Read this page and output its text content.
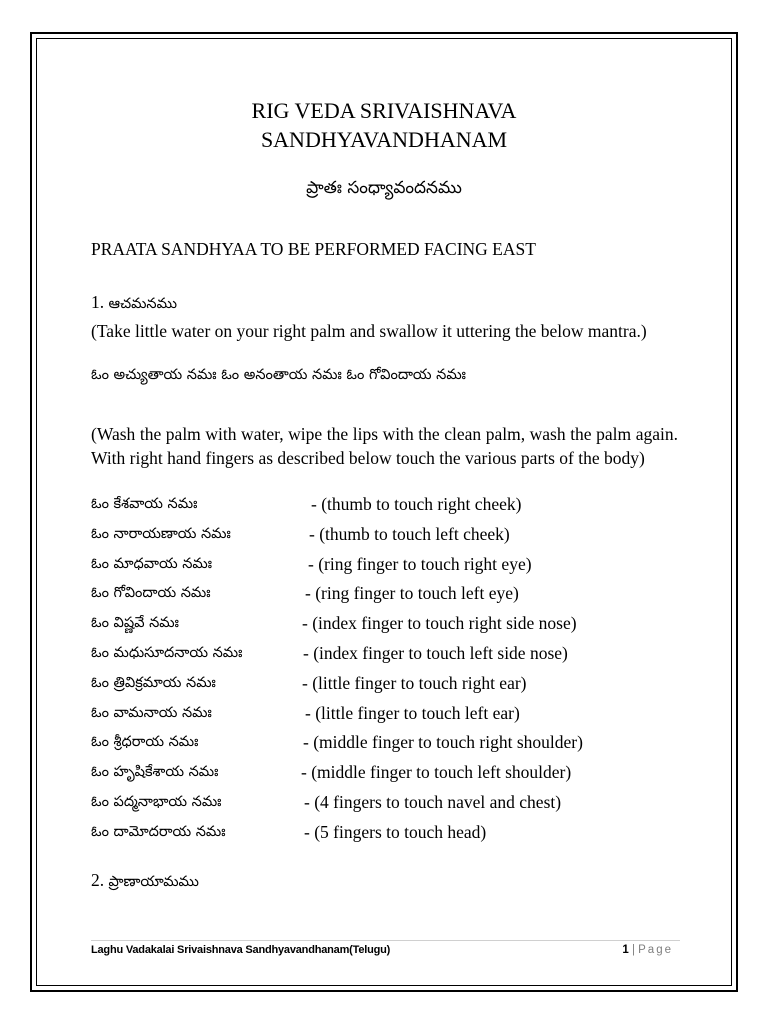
RIG VEDA SRIVAISHNAVA
SANDHYAVANDHANAM
ప్రాతః సంధ్యావందనము
PRAATA SANDHYAA TO BE PERFORMED FACING EAST
1. ఆచమనము
(Take little water on your right palm and swallow it uttering the below mantra.)
ఓం అచ్యుతాయ నమః ఓం అనంతాయ నమః ఓం గోవిందాయ నమః
(Wash the palm with water, wipe the lips with the clean palm, wash the palm again. With right hand fingers as described below touch the various parts of the body)
ఓం కేశవాయ నమః	- (thumb to touch right cheek)
ఓం నారాయణాయ నమః	- (thumb to touch left cheek)
ఓం మాధవాయ నమః	- (ring finger to touch right eye)
ఓం గోవిందాయ నమః	- (ring finger to touch left eye)
ఓం విష్ణవే నమః	- (index finger to touch right side nose)
ఓం మధుసూదనాయ నమః	- (index finger to touch left side nose)
ఓం త్రివిక్రమాయ నమః	- (little finger to touch right ear)
ఓం వామనాయ నమః	- (little finger to touch left ear)
ఓం శ్రీధరాయ నమః	- (middle finger to touch right shoulder)
ఓం హృషికేశాయ నమః	- (middle finger to touch left shoulder)
ఓం పద్మనాభాయ నమః	- (4 fingers to touch navel and chest)
ఓం దామోదరాయ నమః	- (5 fingers to touch head)
2. ప్రాణాయామము
Laghu Vadakalai Srivaishnava Sandhyavandhanam(Telugu)	1 | Page
